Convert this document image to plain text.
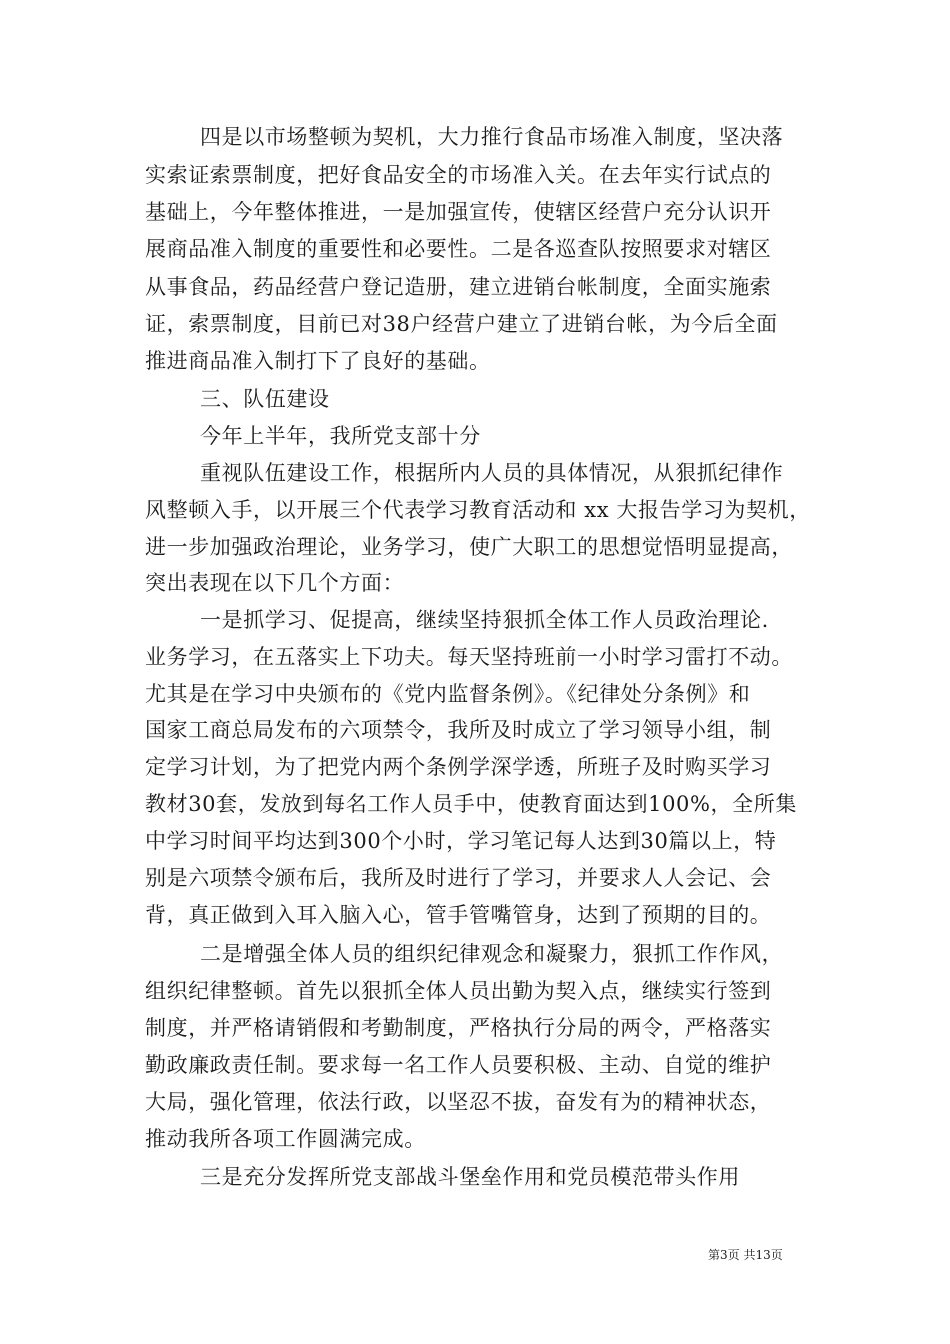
四是以市场整顿为契机，大力推行食品市场准入制度，坚决落
实索证索票制度，把好食品安全的市场准入关。在去年实行试点的
基础上，今年整体推进，一是加强宣传，使辖区经营户充分认识开
展商品准入制度的重要性和必要性。二是各巡查队按照要求对辖区
从事食品，药品经营户登记造册，建立进销台帐制度，全面实施索
证，索票制度，目前已对38户经营户建立了进销台帐，为今后全面
推进商品准入制打下了良好的基础。
三、队伍建设
今年上半年，我所党支部十分
重视队伍建设工作，根据所内人员的具体情况，从狠抓纪律作
风整顿入手，以开展三个代表学习教育活动和 xx 大报告学习为契机，
进一步加强政治理论，业务学习，使广大职工的思想觉悟明显提高，
突出表现在以下几个方面：
一是抓学习、促提高，继续坚持狠抓全体工作人员政治理论.
业务学习，在五落实上下功夫。每天坚持班前一小时学习雷打不动。
尤其是在学习中央颁布的《党内监督条例》。《纪律处分条例》和
国家工商总局发布的六项禁令，我所及时成立了学习领导小组，制
定学习计划，为了把党内两个条例学深学透，所班子及时购买学习
教材30套，发放到每名工作人员手中，使教育面达到100%，全所集
中学习时间平均达到300个小时，学习笔记每人达到30篇以上，特
别是六项禁令颁布后，我所及时进行了学习，并要求人人会记、会
背，真正做到入耳入脑入心，管手管嘴管身，达到了预期的目的。
二是增强全体人员的组织纪律观念和凝聚力，狠抓工作作风，
组织纪律整顿。首先以狠抓全体人员出勤为契入点，继续实行签到
制度，并严格请销假和考勤制度，严格执行分局的两令，严格落实
勤政廉政责任制。要求每一名工作人员要积极、主动、自觉的维护
大局，强化管理，依法行政，以坚忍不拔，奋发有为的精神状态，
推动我所各项工作圆满完成。
三是充分发挥所党支部战斗堡垒作用和党员模范带头作用
第3页 共13页
